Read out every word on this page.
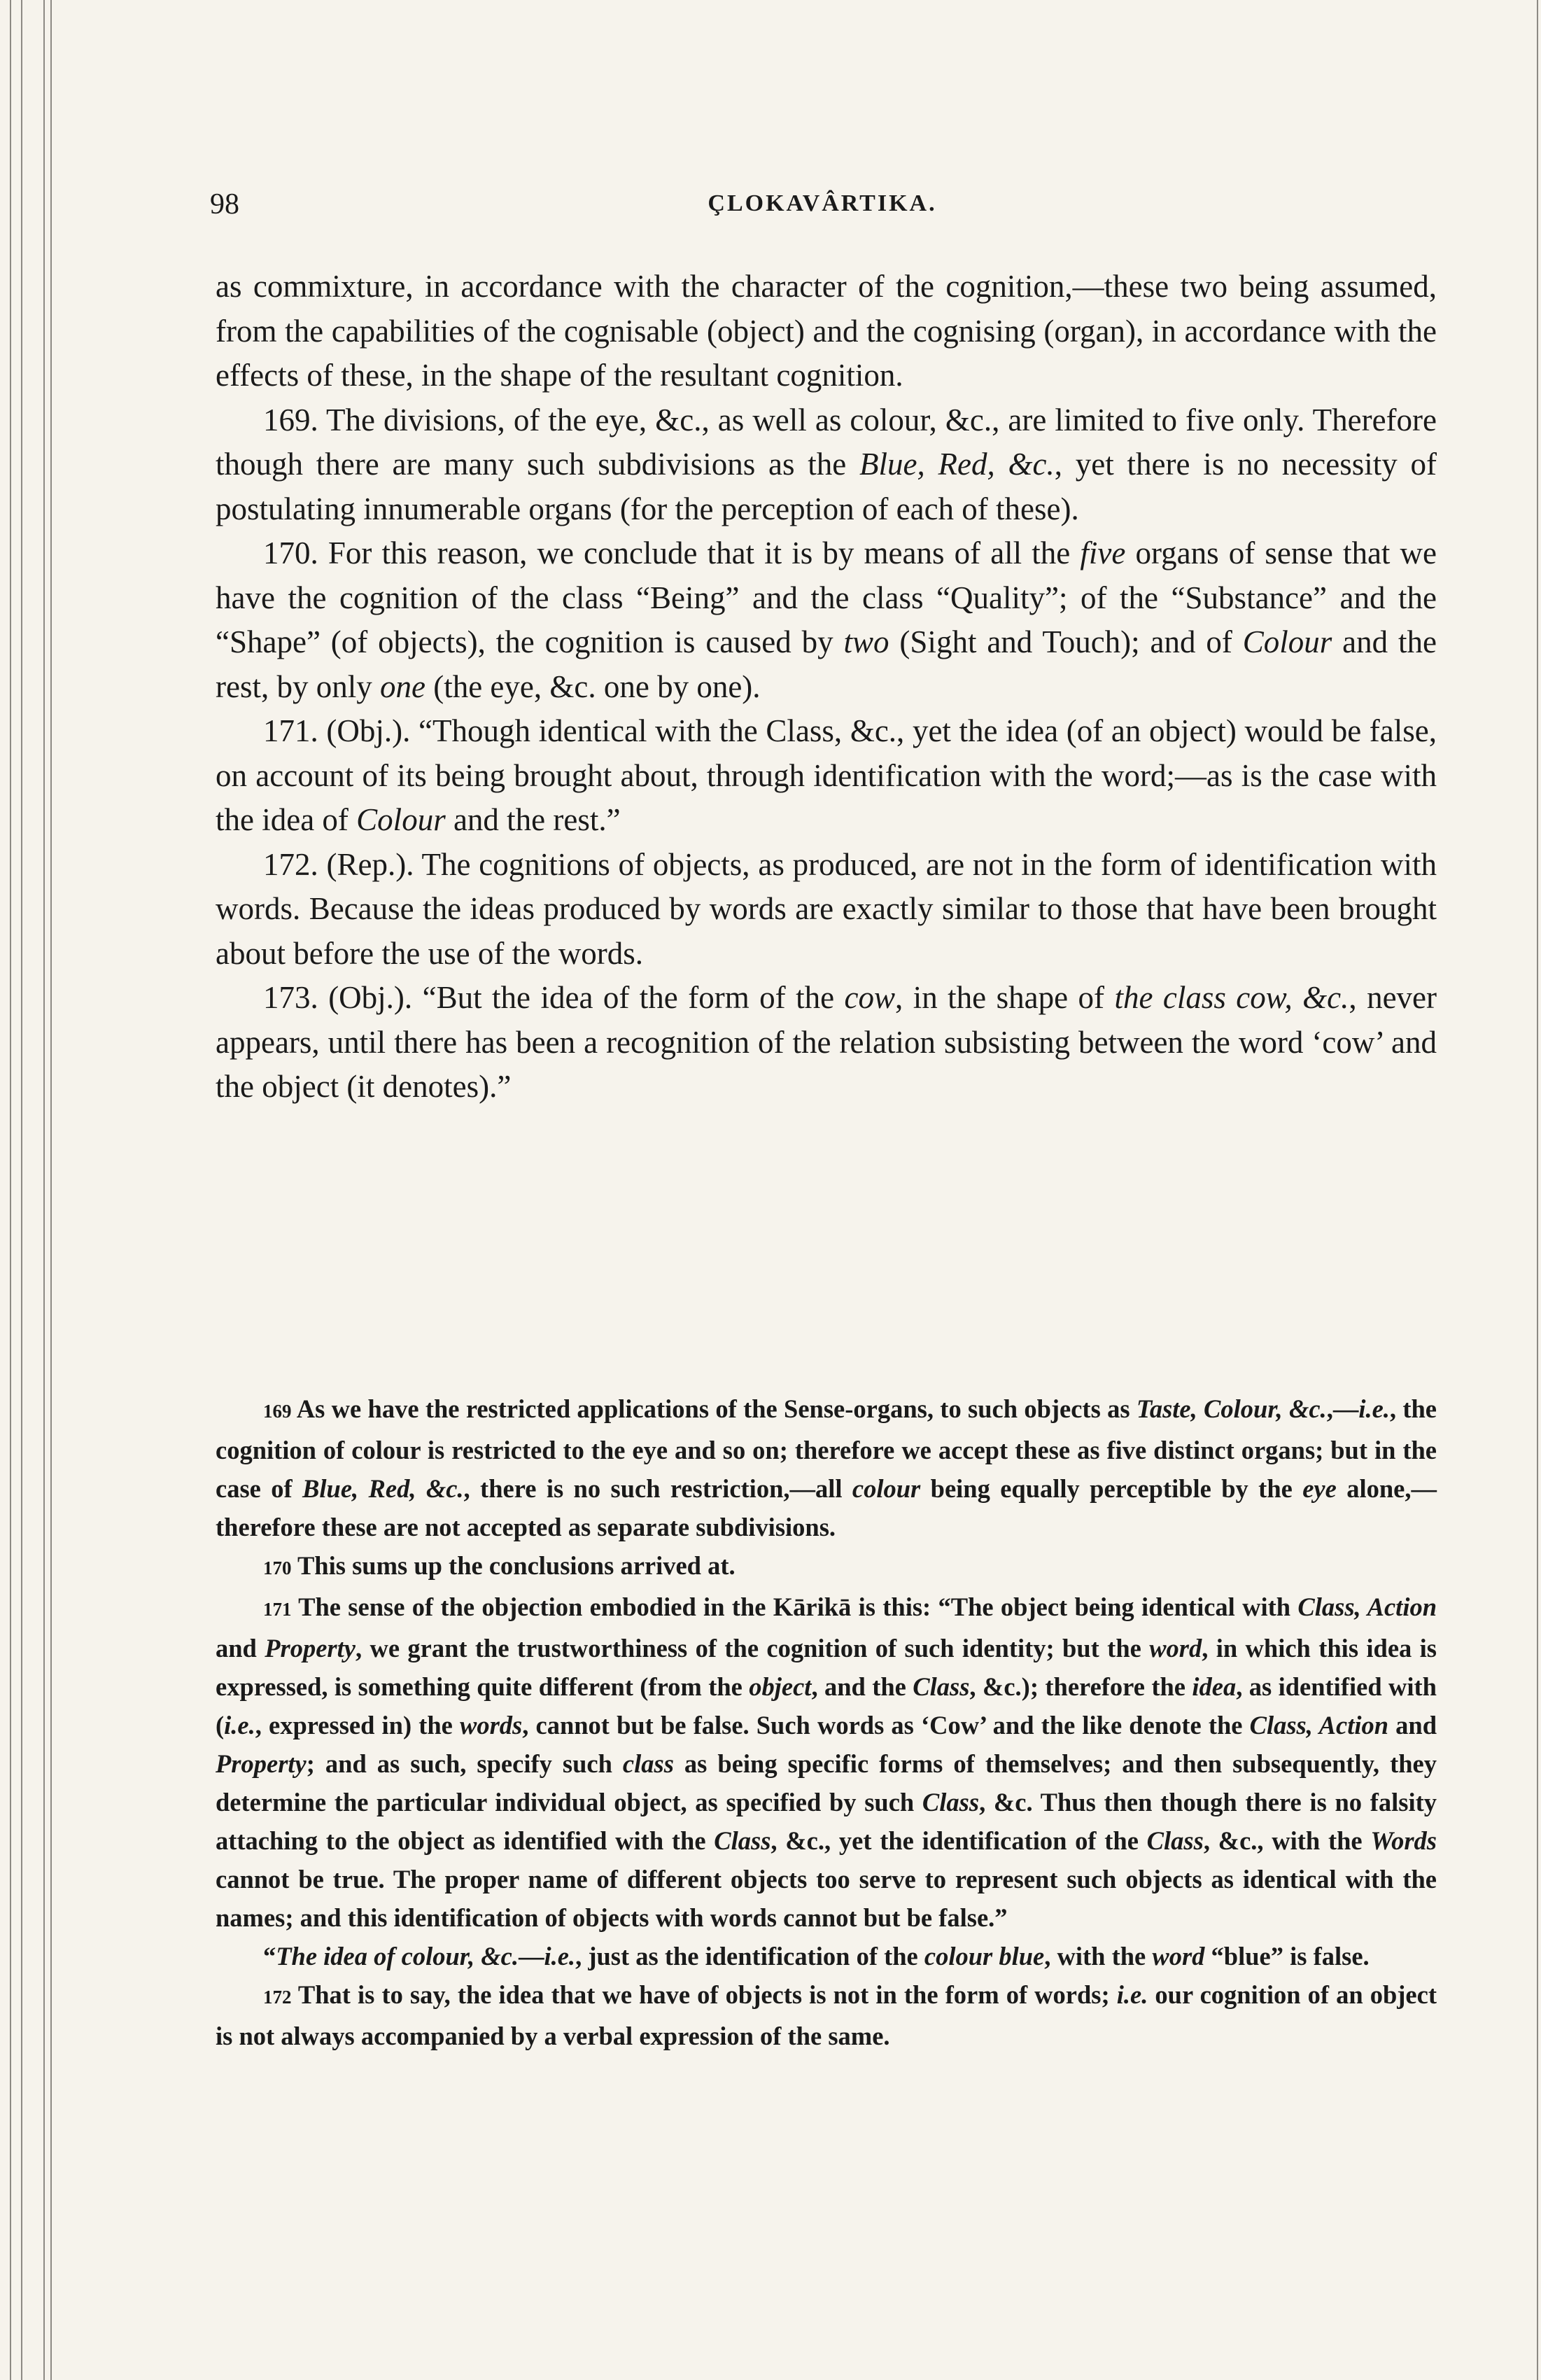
98	ÇLOKAVÂRTIKA.

as commixture, in accordance with the character of the cognition,—these two being assumed, from the capabilities of the cognisable (object) and the cognising (organ), in accordance with the effects of these, in the shape of the resultant cognition.

169. The divisions, of the eye, &c., as well as colour, &c., are limited to five only. Therefore though there are many such subdivisions as the Blue, Red, &c., yet there is no necessity of postulating innumerable organs (for the perception of each of these).

170. For this reason, we conclude that it is by means of all the five organs of sense that we have the cognition of the class “Being” and the class “Quality”; of the “Substance” and the “Shape” (of objects), the cognition is caused by two (Sight and Touch); and of Colour and the rest, by only one (the eye, &c. one by one).

171. (Obj.). “Though identical with the Class, &c., yet the idea (of an object) would be false, on account of its being brought about, through identification with the word;—as is the case with the idea of Colour and the rest.”

172. (Rep.). The cognitions of objects, as produced, are not in the form of identification with words. Because the ideas produced by words are exactly similar to those that have been brought about before the use of the words.

173. (Obj.). “But the idea of the form of the cow, in the shape of the class cow, &c., never appears, until there has been a recognition of the relation subsisting between the word ‘cow’ and the object (it denotes).”

169 As we have the restricted applications of the Sense-organs, to such objects as Taste, Colour, &c.,—i.e., the cognition of colour is restricted to the eye and so on; therefore we accept these as five distinct organs; but in the case of Blue, Red, &c., there is no such restriction,—all colour being equally perceptible by the eye alone,—therefore these are not accepted as separate subdivisions.

170 This sums up the conclusions arrived at.

171 The sense of the objection embodied in the Kārikā is this: “The object being identical with Class, Action and Property, we grant the trustworthiness of the cognition of such identity; but the word, in which this idea is expressed, is something quite different (from the object, and the Class, &c.); therefore the idea, as identified with (i.e., expressed in) the words, cannot but be false. Such words as ‘Cow’ and the like denote the Class, Action and Property; and as such, specify such class as being specific forms of themselves; and then subsequently, they determine the particular individual object, as specified by such Class, &c. Thus then though there is no falsity attaching to the object as identified with the Class, &c., yet the identification of the Class, &c., with the Words cannot be true. The proper name of different objects too serve to represent such objects as identical with the names; and this identification of objects with words cannot but be false.”

“The idea of colour, &c.—i.e., just as the identification of the colour blue, with the word “blue” is false.

172 That is to say, the idea that we have of objects is not in the form of words; i.e. our cognition of an object is not always accompanied by a verbal expression of the same.
